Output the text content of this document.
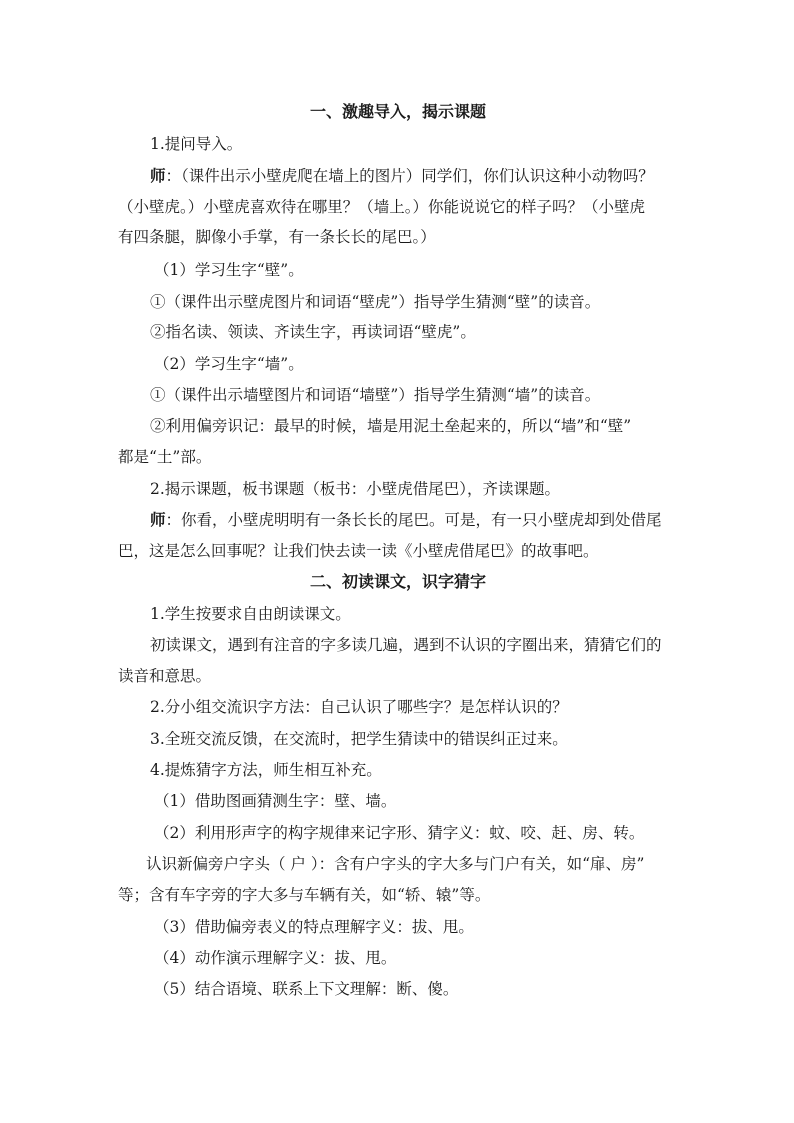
一、激趣导入，揭示课题
1.提问导入。
师：（课件出示小壁虎爬在墙上的图片）同学们，你们认识这种小动物吗？
（小壁虎。）小壁虎喜欢待在哪里？（墙上。）你能说说它的样子吗？（小壁虎
有四条腿，脚像小手掌，有一条长长的尾巴。）
（1）学习生字“壁”。
①（课件出示壁虎图片和词语“壁虎”）指导学生猜测“壁”的读音。
②指名读、领读、齐读生字，再读词语“壁虎”。
（2）学习生字“墙”。
①（课件出示墙壁图片和词语“墙壁”）指导学生猜测“墙”的读音。
②利用偏旁识记：最早的时候，墙是用泥土垒起来的，所以“墙”和“壁”
都是“土”部。
2.揭示课题，板书课题（板书：小壁虎借尾巴），齐读课题。
师：你看，小壁虎明明有一条长长的尾巴。可是，有一只小壁虎却到处借尾
巴，这是怎么回事呢？让我们快去读一读《小壁虎借尾巴》的故事吧。
二、初读课文，识字猜字
1.学生按要求自由朗读课文。
初读课文，遇到有注音的字多读几遍，遇到不认识的字圈出来，猜猜它们的
读音和意思。
2.分小组交流识字方法：自己认识了哪些字？是怎样认识的？
3.全班交流反馈，在交流时，把学生猜读中的错误纠正过来。
4.提炼猜字方法，师生相互补充。
（1）借助图画猜测生字：壁、墙。
（2）利用形声字的构字规律来记字形、猜字义：蚊、咬、赶、房、转。
认识新偏旁户字头（ 户 ）：含有户字头的字大多与门户有关，如“扉、房”
等；含有车字旁的字大多与车辆有关，如“轿、辕”等。
（3）借助偏旁表义的特点理解字义：拔、甩。
（4）动作演示理解字义：拔、甩。
（5）结合语境、联系上下文理解：断、傻。
